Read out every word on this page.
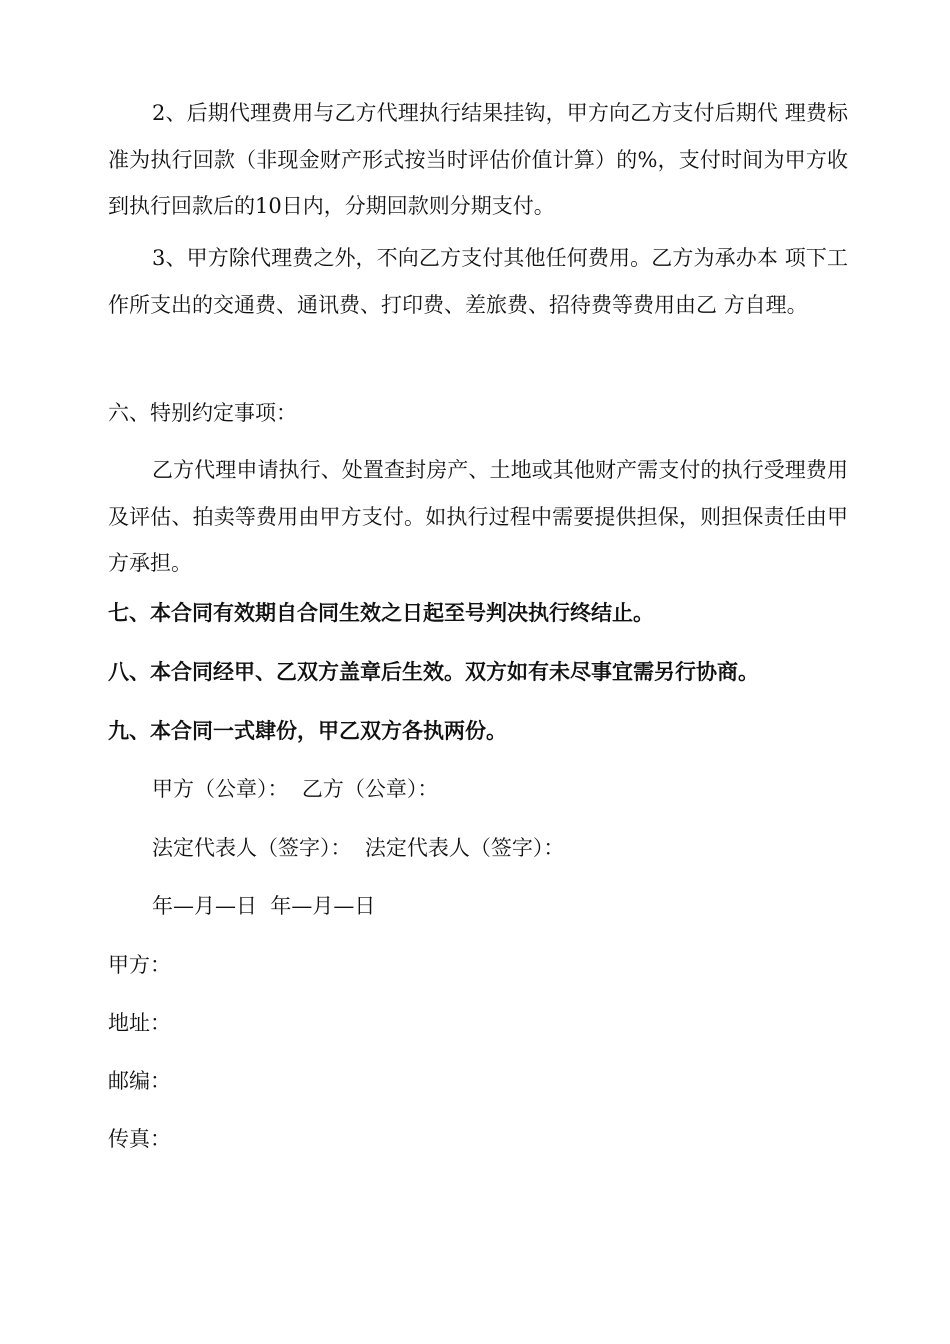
2、后期代理费用与乙方代理执行结果挂钩，甲方向乙方支付后期代 理费标准为执行回款（非现金财产形式按当时评估价值计算）的%，支付时间为甲方收到执行回款后的10日内，分期回款则分期支付。

3、甲方除代理费之外，不向乙方支付其他任何费用。乙方为承办本 项下工作所支出的交通费、通讯费、打印费、差旅费、招待费等费用由乙 方自理。

六、特别约定事项：

乙方代理申请执行、处置查封房产、土地或其他财产需支付的执行受理费用及评估、拍卖等费用由甲方支付。如执行过程中需要提供担保，则担保责任由甲方承担。

七、本合同有效期自合同生效之日起至号判决执行终结止。

八、本合同经甲、乙双方盖章后生效。双方如有未尽事宜需另行协商。

九、本合同一式肆份，甲乙双方各执两份。

甲方（公章）：  乙方（公章）：

法定代表人（签字）：  法定代表人（签字）：

年—月—日  年—月—日

甲方：

地址：

邮编：

传真：
